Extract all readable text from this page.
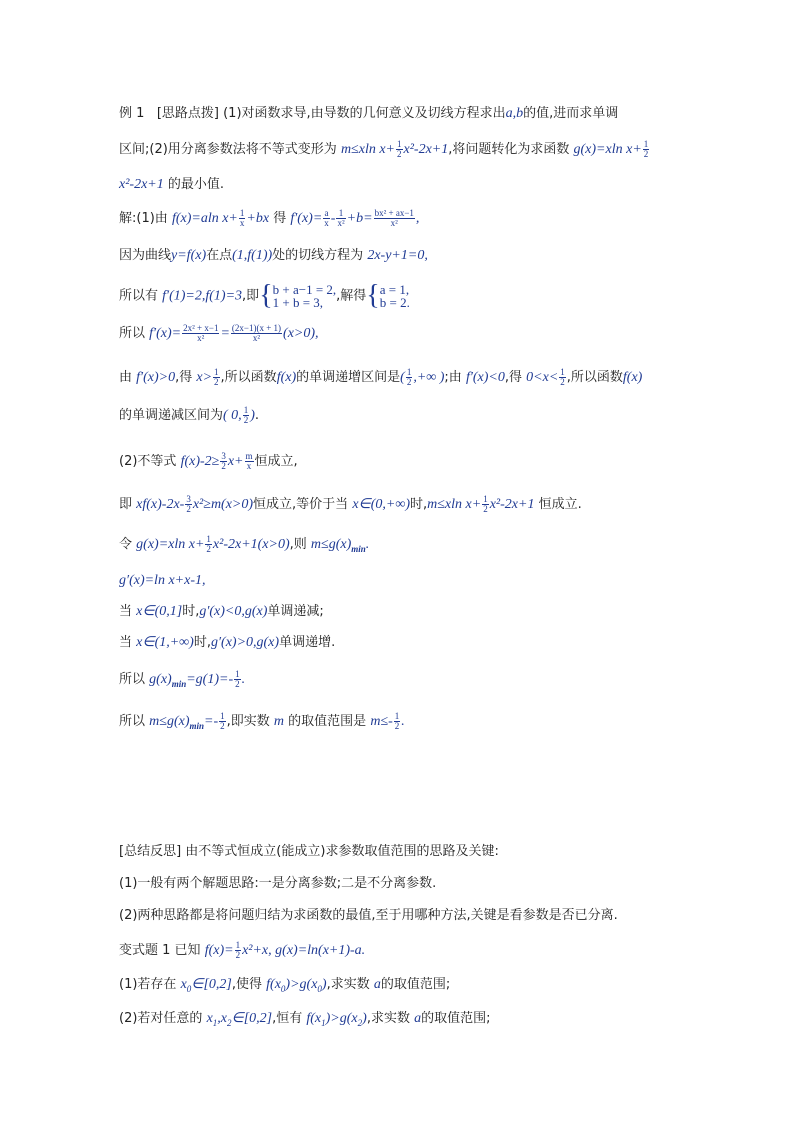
例 1 [思路点拨] (1)对函数求导,由导数的几何意义及切线方程求出a,b的值,进而求单调
区间;(2)用分离参数法将不等式变形为 m≤xln $x+ \frac{1}{2} x^2-2x+1$,将问题转化为求函数 g(x)=xln $x+ \frac{1}{2}$
x²-2x+1 的最小值.
解:(1)由 f(x)=aln $x+ \frac{1}{x} +bx$ 得 $f'(x)= \frac{a}{x} - \frac{1}{\text{x²}} +b= \frac{\text{bx² + ax−1}}{\text{x²}}$ ,
因为曲线y=f(x)在点(1,f(1))处的切线方程为 2x-y+1=0,
所以有 f′(1)=2,f(1)=3,即{ b + a−1 = 2,
1 + b = 3,	,解得{ a = 1,
b = 2.
所以 $f'(x)= \frac{\text{2x² + x−1}}{\text{x²}} = \frac{(2x-1)(x + 1)}{\text{x²}} (x>0)$,
由 f′(x)>0,得 $x> \frac{1}{2}$ ,所以函数f(x)的单调递增区间是( $\frac{1}{2}$ ,+∞ );由 f′(x)<0,得 $0<x< \frac{1}{2}$ ,所以函数f(x)
的单调递减区间为( 0, $\frac{1}{2}$ ).
(2)不等式 $f(x)-2\ge \frac{3}{2} x+ \frac{m}{x}$ 恒成立,
即 $xf(x)-2x- \frac{3}{2} x^2\ge m(x>0)$恒成立,等价于当 x∈(0,+∞)时,m≤xln $x+ \frac{1}{2} x^2-2x+1$ 恒成立.
令 g(x)=xln $x+ \frac{1}{2} x^2-2x+1(x>0)$,则 $m\le g(x)_{min}$.
g′(x)=ln x+x-1,
当 x∈(0,1]时,g′(x)<0,g(x)单调递减;
当 x∈(1,+∞)时,g′(x)>0,g(x)单调递增.
所以 $g(x)_{min}=g(1)=- \frac{1}{2}$ .
所以 $m\le g(x)_{min}=- \frac{1}{2}$ ,即实数 m 的取值范围是 $m\le- \frac{1}{2}$ .
[总结反思] 由不等式恒成立(能成立)求参数取值范围的思路及关键:
(1)一般有两个解题思路:一是分离参数;二是不分离参数.
(2)两种思路都是将问题归结为求函数的最值,至于用哪种方法,关键是看参数是否已分离.
变式题 1 已知 $f(x)= \frac{1}{2} x^2+x$, g(x)=ln(x+1)-a.
(1)若存在 $x_0\in[0,2]$,使得 $f(x_0)>g(x_0)$,求实数 a的取值范围;
(2)若对任意的 $x_1,x_2\in[0,2]$,恒有 $f(x_1)>g(x_2)$,求实数 a的取值范围;
